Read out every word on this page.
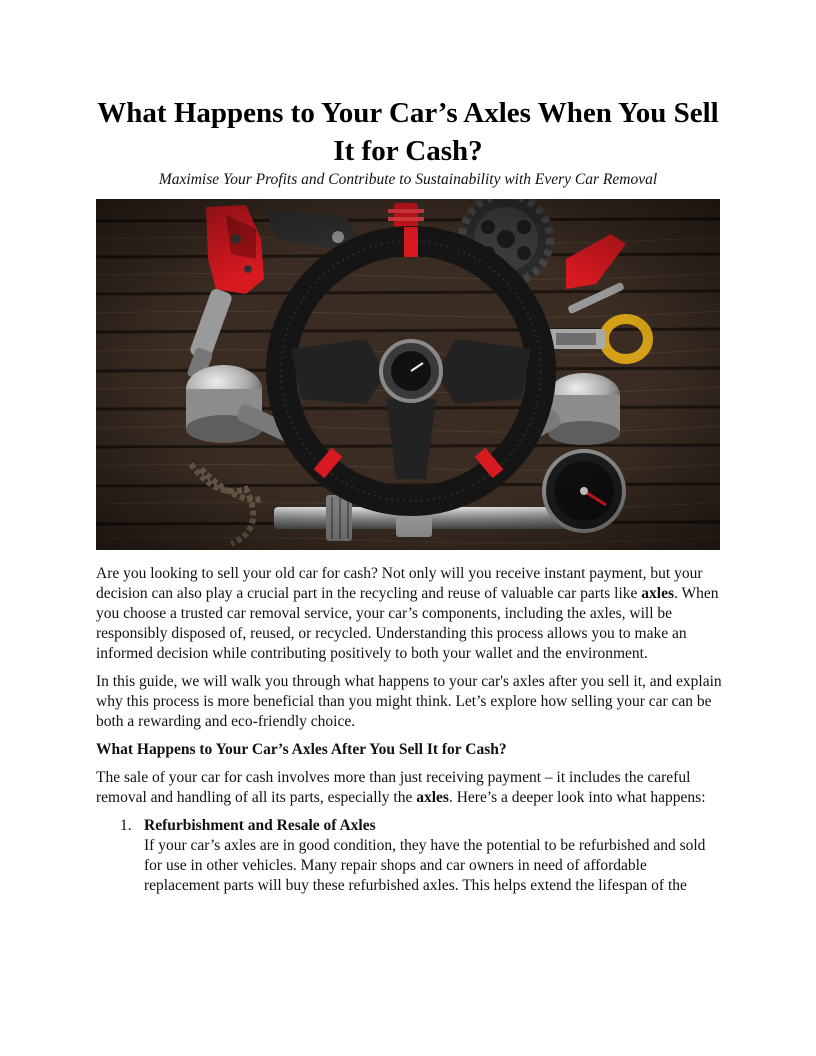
What Happens to Your Car’s Axles When You Sell It for Cash?

Maximise Your Profits and Contribute to Sustainability with Every Car Removal

Are you looking to sell your old car for cash? Not only will you receive instant payment, but your decision can also play a crucial part in the recycling and reuse of valuable car parts like axles. When you choose a trusted car removal service, your car’s components, including the axles, will be responsibly disposed of, reused, or recycled. Understanding this process allows you to make an informed decision while contributing positively to both your wallet and the environment.

In this guide, we will walk you through what happens to your car's axles after you sell it, and explain why this process is more beneficial than you might think. Let’s explore how selling your car can be both a rewarding and eco-friendly choice.

What Happens to Your Car’s Axles After You Sell It for Cash?

The sale of your car for cash involves more than just receiving payment – it includes the careful removal and handling of all its parts, especially the axles. Here’s a deeper look into what happens:

1. Refurbishment and Resale of Axles
If your car’s axles are in good condition, they have the potential to be refurbished and sold for use in other vehicles. Many repair shops and car owners in need of affordable replacement parts will buy these refurbished axles. This helps extend the lifespan of the
